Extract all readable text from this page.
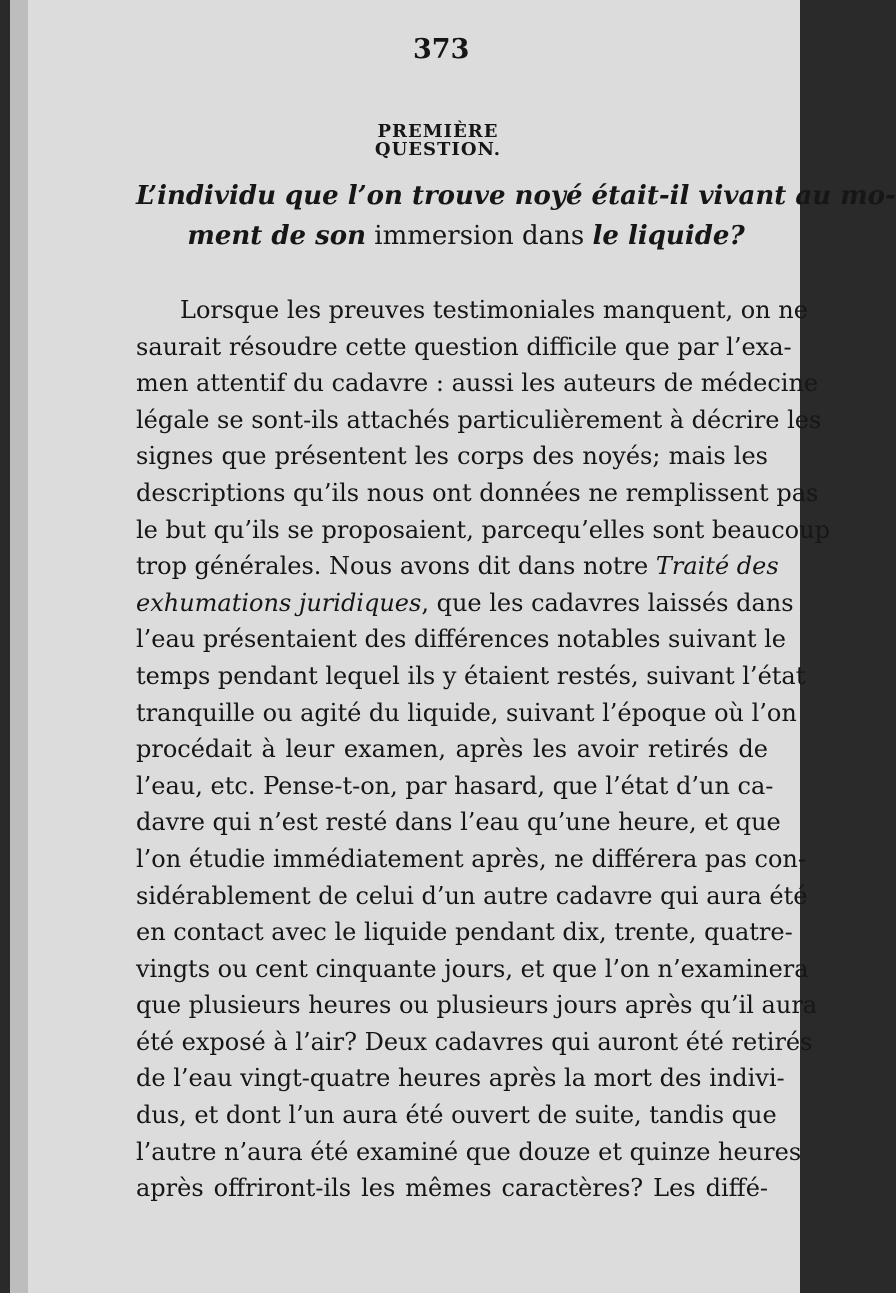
373
PREMIÈRE QUESTION.
L’individu que l’on trouve noyé était-il vivant au mo-
ment de son immersion dans le liquide?
Lorsque les preuves testimoniales manquent, on ne
saurait résoudre cette question difficile que par l’exa-
men attentif du cadavre : aussi les auteurs de médecine
légale se sont-ils attachés particulièrement à décrire les
signes que présentent les corps des noyés; mais les
descriptions qu’ils nous ont données ne remplissent pas
le but qu’ils se proposaient, parcequ’elles sont beaucoup
trop générales. Nous avons dit dans notre Traité des
exhumations juridiques, que les cadavres laissés dans
l’eau présentaient des différences notables suivant le
temps pendant lequel ils y étaient restés, suivant l’état
tranquille ou agité du liquide, suivant l’époque où l’on
procédait à leur examen, après les avoir retirés de
l’eau, etc. Pense-t-on, par hasard, que l’état d’un ca-
davre qui n’est resté dans l’eau qu’une heure, et que
l’on étudie immédiatement après, ne différera pas con-
sidérablement de celui d’un autre cadavre qui aura été
en contact avec le liquide pendant dix, trente, quatre-
vingts ou cent cinquante jours, et que l’on n’examinera
que plusieurs heures ou plusieurs jours après qu’il aura
été exposé à l’air? Deux cadavres qui auront été retirés
de l’eau vingt-quatre heures après la mort des indivi-
dus, et dont l’un aura été ouvert de suite, tandis que
l’autre n’aura été examiné que douze et quinze heures
après offriront-ils les mêmes caractères? Les diffé-
